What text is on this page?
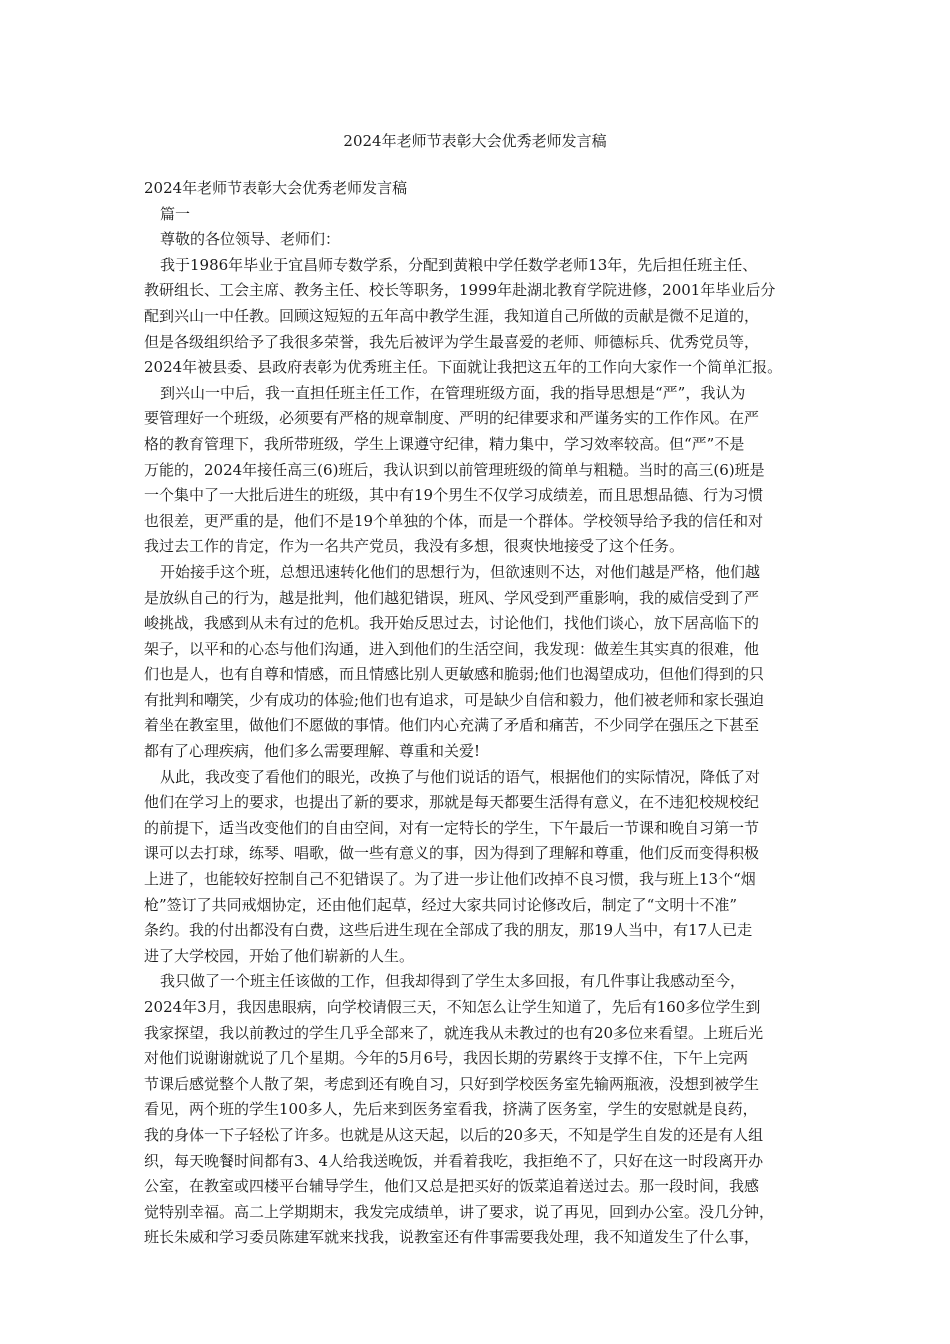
2024年老师节表彰大会优秀老师发言稿
2024年老师节表彰大会优秀老师发言稿
篇一
尊敬的各位领导、老师们：
我于1986年毕业于宜昌师专数学系，分配到黄粮中学任数学老师13年，先后担任班主任、
教研组长、工会主席、教务主任、校长等职务，1999年赴湖北教育学院进修，2001年毕业后分
配到兴山一中任教。回顾这短短的五年高中教学生涯，我知道自己所做的贡献是微不足道的，
但是各级组织给予了我很多荣誉，我先后被评为学生最喜爱的老师、师德标兵、优秀党员等，
2024年被县委、县政府表彰为优秀班主任。下面就让我把这五年的工作向大家作一个简单汇报。
到兴山一中后，我一直担任班主任工作，在管理班级方面，我的指导思想是“严”，我认为
要管理好一个班级，必须要有严格的规章制度、严明的纪律要求和严谨务实的工作作风。在严
格的教育管理下，我所带班级，学生上课遵守纪律，精力集中，学习效率较高。但“严”不是
万能的，2024年接任高三(6)班后，我认识到以前管理班级的简单与粗糙。当时的高三(6)班是
一个集中了一大批后进生的班级，其中有19个男生不仅学习成绩差，而且思想品德、行为习惯
也很差，更严重的是，他们不是19个单独的个体，而是一个群体。学校领导给予我的信任和对
我过去工作的肯定，作为一名共产党员，我没有多想，很爽快地接受了这个任务。
开始接手这个班，总想迅速转化他们的思想行为，但欲速则不达，对他们越是严格，他们越
是放纵自己的行为，越是批判，他们越犯错误，班风、学风受到严重影响，我的威信受到了严
峻挑战，我感到从未有过的危机。我开始反思过去，讨论他们，找他们谈心，放下居高临下的
架子，以平和的心态与他们沟通，进入到他们的生活空间，我发现：做差生其实真的很难，他
们也是人，也有自尊和情感，而且情感比别人更敏感和脆弱;他们也渴望成功，但他们得到的只
有批判和嘲笑，少有成功的体验;他们也有追求，可是缺少自信和毅力，他们被老师和家长强迫
着坐在教室里，做他们不愿做的事情。他们内心充满了矛盾和痛苦，不少同学在强压之下甚至
都有了心理疾病，他们多么需要理解、尊重和关爱!
从此，我改变了看他们的眼光，改换了与他们说话的语气，根据他们的实际情况，降低了对
他们在学习上的要求，也提出了新的要求，那就是每天都要生活得有意义，在不违犯校规校纪
的前提下，适当改变他们的自由空间，对有一定特长的学生，下午最后一节课和晚自习第一节
课可以去打球，练琴、唱歌，做一些有意义的事，因为得到了理解和尊重，他们反而变得积极
上进了，也能较好控制自己不犯错误了。为了进一步让他们改掉不良习惯，我与班上13个“烟
枪”签订了共同戒烟协定，还由他们起草，经过大家共同讨论修改后，制定了“文明十不准”
条约。我的付出都没有白费，这些后进生现在全部成了我的朋友，那19人当中，有17人已走
进了大学校园，开始了他们崭新的人生。
我只做了一个班主任该做的工作，但我却得到了学生太多回报，有几件事让我感动至今，
2024年3月，我因患眼病，向学校请假三天，不知怎么让学生知道了，先后有160多位学生到
我家探望，我以前教过的学生几乎全部来了，就连我从未教过的也有20多位来看望。上班后光
对他们说谢谢就说了几个星期。今年的5月6号，我因长期的劳累终于支撑不住，下午上完两
节课后感觉整个人散了架，考虑到还有晚自习，只好到学校医务室先输两瓶液，没想到被学生
看见，两个班的学生100多人，先后来到医务室看我，挤满了医务室，学生的安慰就是良药，
我的身体一下子轻松了许多。也就是从这天起，以后的20多天，不知是学生自发的还是有人组
织，每天晚餐时间都有3、4人给我送晚饭，并看着我吃，我拒绝不了，只好在这一时段离开办
公室，在教室或四楼平台辅导学生，他们又总是把买好的饭菜追着送过去。那一段时间，我感
觉特别幸福。高二上学期期末，我发完成绩单，讲了要求，说了再见，回到办公室。没几分钟，
班长朱威和学习委员陈建军就来找我，说教室还有件事需要我处理，我不知道发生了什么事，
